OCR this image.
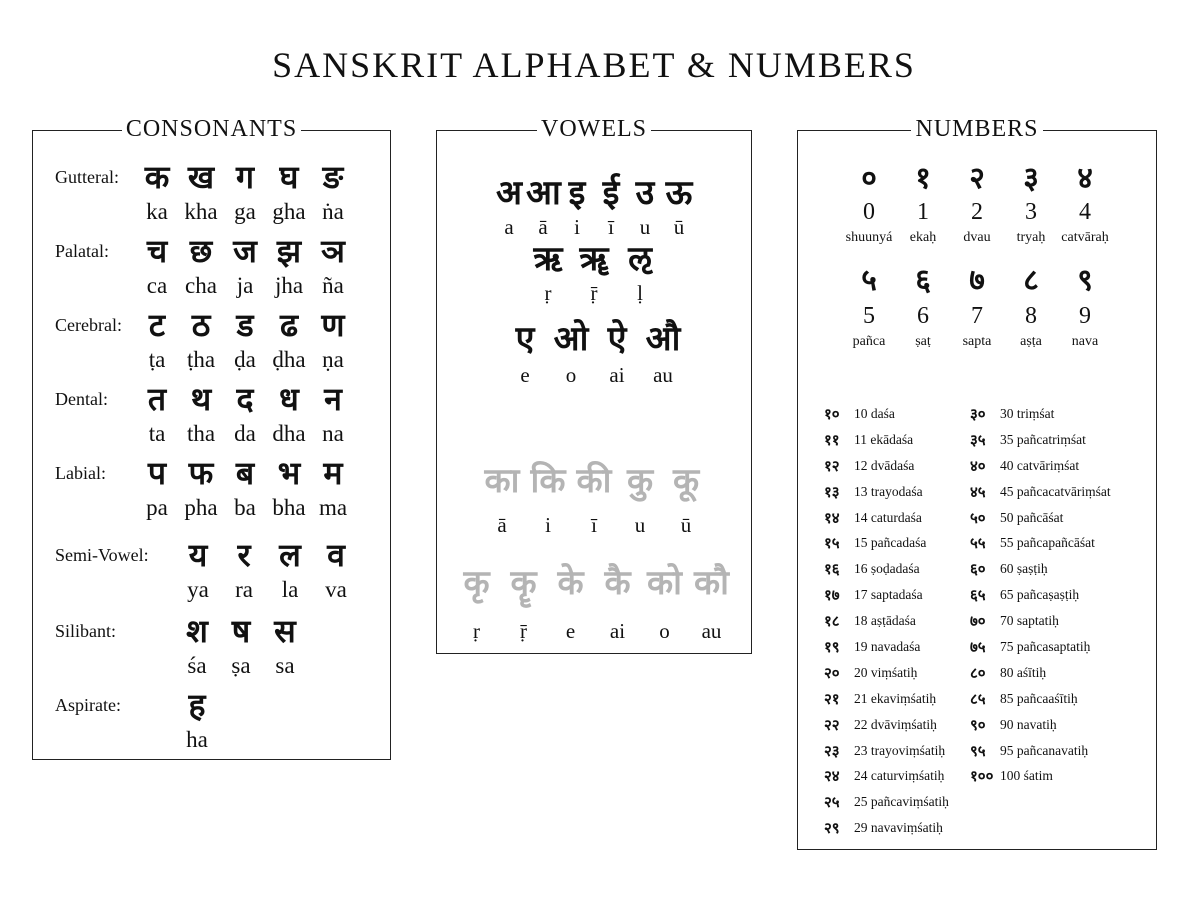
SANSKRIT ALPHABET & NUMBERS
CONSONANTS
Gutteral: क ख ग घ ङ
ka kha ga gha ṅa
Palatal:	च छ ज झ ञ
ca cha ja jha ña
Cerebral: ट ठ ड ढ ण
ṭa ṭha ḍa ḍha ṇa
Dental:	त थ द ध न
ta tha da dha na
Labial:	प फ ब भ म
pa pha ba bha ma
Semi-Vowel:	य र ल व
ya	ra	la	va
Silibant:	श ष स
śa	ṣa	sa
Aspirate:	ह
ha
VOWELS
अ आ इ ई उ ऊ
a	ā	i	ī	u	ū
ऋ ॠ ऌ
ṛ	ṝ	ḷ
ए ओ ऐ औ
e	o	ai	au
का कि की कु कू
ā	i	ī	u	ū
कृ कॄ के कै को कौ
ṛ	ṝ	e	ai	o	au
NUMBERS
०	१	२	३	४
0	1	2	3	4
shuunyá	ekaḥ	dvau	tryaḥ	catvāraḥ
५	६	७	८	९
5	6	7	8	9
pañca	ṣaṭ	sapta	aṣṭa	nava
१०	10 daśa
११	11 ekādaśa
१२	12 dvādaśa
१३	13 trayodaśa
१४	14 caturdaśa
१५	15 pañcadaśa
१६	16 ṣoḍadaśa
१७	17 saptadaśa
१८	18 aṣṭādaśa
१९	19 navadaśa
२०	20 viṃśatiḥ
२१	21 ekaviṃśatiḥ
२२	22 dvāviṃśatiḥ
२३	23 trayoviṃśatiḥ
२४	24 caturviṃśatiḥ
२५	25 pañcaviṃśatiḥ
२९	29 navaviṃśatiḥ
३०	30 triṃśat
३५	35 pañcatriṃśat
४०	40 catvāriṃśat
४५	45 pañcacatvāriṃśat
५०	50 pañcāśat
५५	55 pañcapañcāśat
६०	60 ṣaṣṭiḥ
६५	65 pañcaṣaṣṭiḥ
७०	70 saptatiḥ
७५	75 pañcasaptatiḥ
८०	80 aśītiḥ
८५	85 pañcaaśītiḥ
९०	90 navatiḥ
९५	95 pañcanavatiḥ
१०० 100 śatim
